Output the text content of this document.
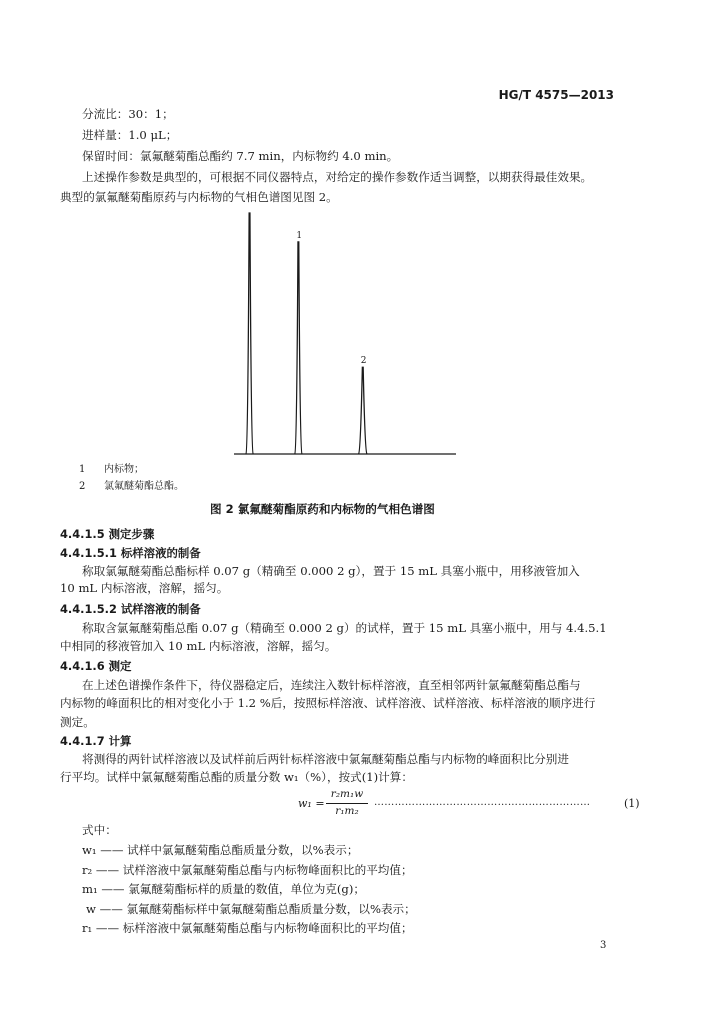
HG/T 4575—2013
分流比：30：1；
进样量：1.0 μL；
保留时间：氯氟醚菊酯总酯约 7.7 min，内标物约 4.0 min。
上述操作参数是典型的，可根据不同仪器特点，对给定的操作参数作适当调整，以期获得最佳效果。
典型的氯氟醚菊酯原药与内标物的气相色谱图见图 2。
1
2
1 内标物；
2 氯氟醚菊酯总酯。
图 2 氯氟醚菊酯原药和内标物的气相色谱图
4.4.1.5 测定步骤
4.4.1.5.1 标样溶液的制备
称取氯氟醚菊酯总酯标样 0.07 g（精确至 0.000 2 g），置于 15 mL 具塞小瓶中，用移液管加入
10 mL 内标溶液，溶解，摇匀。
4.4.1.5.2 试样溶液的制备
称取含氯氟醚菊酯总酯 0.07 g（精确至 0.000 2 g）的试样，置于 15 mL 具塞小瓶中，用与 4.4.5.1
中相同的移液管加入 10 mL 内标溶液，溶解，摇匀。
4.4.1.6 测定
在上述色谱操作条件下，待仪器稳定后，连续注入数针标样溶液，直至相邻两针氯氟醚菊酯总酯与
内标物的峰面积比的相对变化小于 1.2 %后，按照标样溶液、试样溶液、试样溶液、标样溶液的顺序进行
测定。
4.4.1.7 计算
将测得的两针试样溶液以及试样前后两针标样溶液中氯氟醚菊酯总酯与内标物的峰面积比分别进
行平均。试样中氯氟醚菊酯总酯的质量分数 w₁（%），按式(1)计算：
w₁ =
r₂m₁w
r₁m₂
………………………………………………………	(1)
式中：
w₁ —— 试样中氯氟醚菊酯总酯质量分数，以%表示；
r₂ —— 试样溶液中氯氟醚菊酯总酯与内标物峰面积比的平均值；
m₁ —— 氯氟醚菊酯标样的质量的数值，单位为克(g)；
w —— 氯氟醚菊酯标样中氯氟醚菊酯总酯质量分数，以%表示；
r₁ —— 标样溶液中氯氟醚菊酯总酯与内标物峰面积比的平均值；
3
